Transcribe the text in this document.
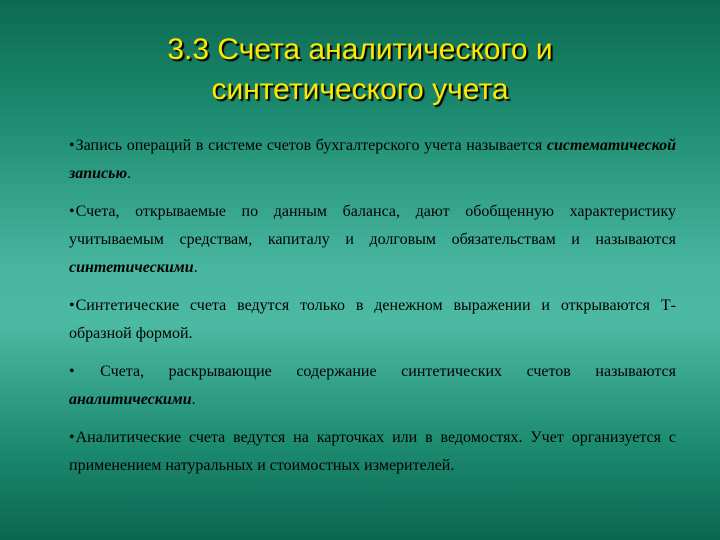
3.3 Счета аналитического и
синтетического учета

•Запись операций в системе счетов бухгалтерского учета называется систематической записью.

•Счета, открываемые по данным баланса, дают обобщенную характеристику учитываемым средствам, капиталу и долговым обязательствам и называются синтетическими.

•Синтетические счета ведутся только в денежном выражении и открываются Т-образной формой.

• Счета, раскрывающие содержание синтетических счетов называются аналитическими.

•Аналитические счета ведутся на карточках или в ведомостях. Учет организуется с применением натуральных и стоимостных измерителей.
